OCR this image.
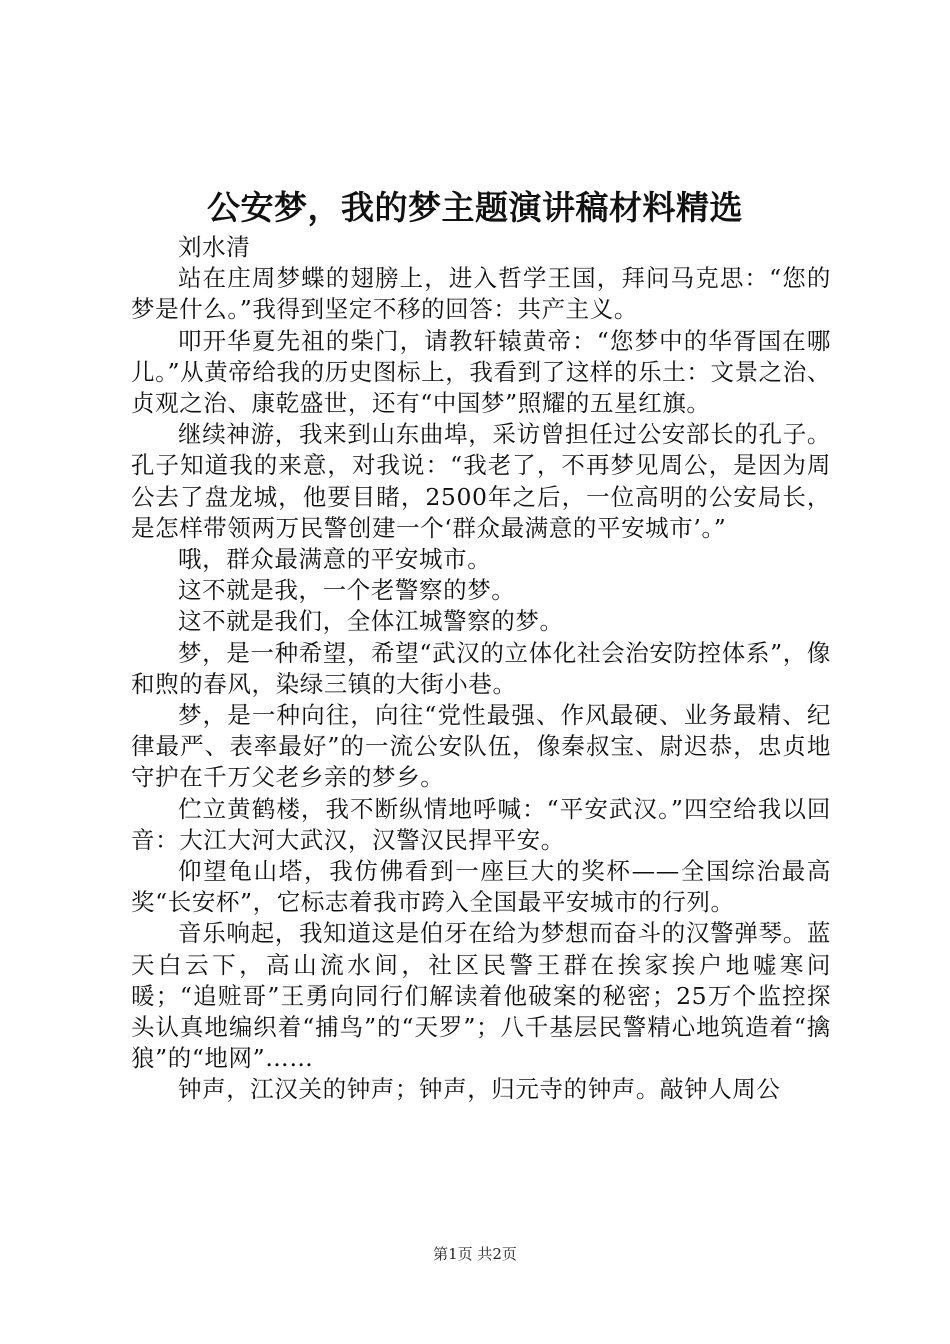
公安梦，我的梦主题演讲稿材料精选

刘水清

站在庄周梦蝶的翅膀上，进入哲学王国，拜问马克思：“您的梦是什么。”我得到坚定不移的回答：共产主义。

叩开华夏先祖的柴门，请教轩辕黄帝：“您梦中的华胥国在哪儿。”从黄帝给我的历史图标上，我看到了这样的乐土：文景之治、贞观之治、康乾盛世，还有“中国梦”照耀的五星红旗。

继续神游，我来到山东曲埠，采访曾担任过公安部长的孔子。孔子知道我的来意，对我说：“我老了，不再梦见周公，是因为周公去了盘龙城，他要目睹，2500年之后，一位高明的公安局长，是怎样带领两万民警创建一个‘群众最满意的平安城市’。”

哦，群众最满意的平安城市。

这不就是我，一个老警察的梦。

这不就是我们，全体江城警察的梦。

梦，是一种希望，希望“武汉的立体化社会治安防控体系”，像和煦的春风，染绿三镇的大街小巷。

梦，是一种向往，向往“党性最强、作风最硬、业务最精、纪律最严、表率最好”的一流公安队伍，像秦叔宝、尉迟恭，忠贞地守护在千万父老乡亲的梦乡。

伫立黄鹤楼，我不断纵情地呼喊：“平安武汉。”四空给我以回音：大江大河大武汉，汉警汉民捍平安。

仰望龟山塔，我仿佛看到一座巨大的奖杯——全国综治最高奖“长安杯”，它标志着我市跨入全国最平安城市的行列。

音乐响起，我知道这是伯牙在给为梦想而奋斗的汉警弹琴。蓝天白云下，高山流水间，社区民警王群在挨家挨户地嘘寒问暖；“追赃哥”王勇向同行们解读着他破案的秘密；25万个监控探头认真地编织着“捕鸟”的“天罗”；八千基层民警精心地筑造着“擒狼”的“地网”……

钟声，江汉关的钟声；钟声，归元寺的钟声。敲钟人周公

第1页 共2页
